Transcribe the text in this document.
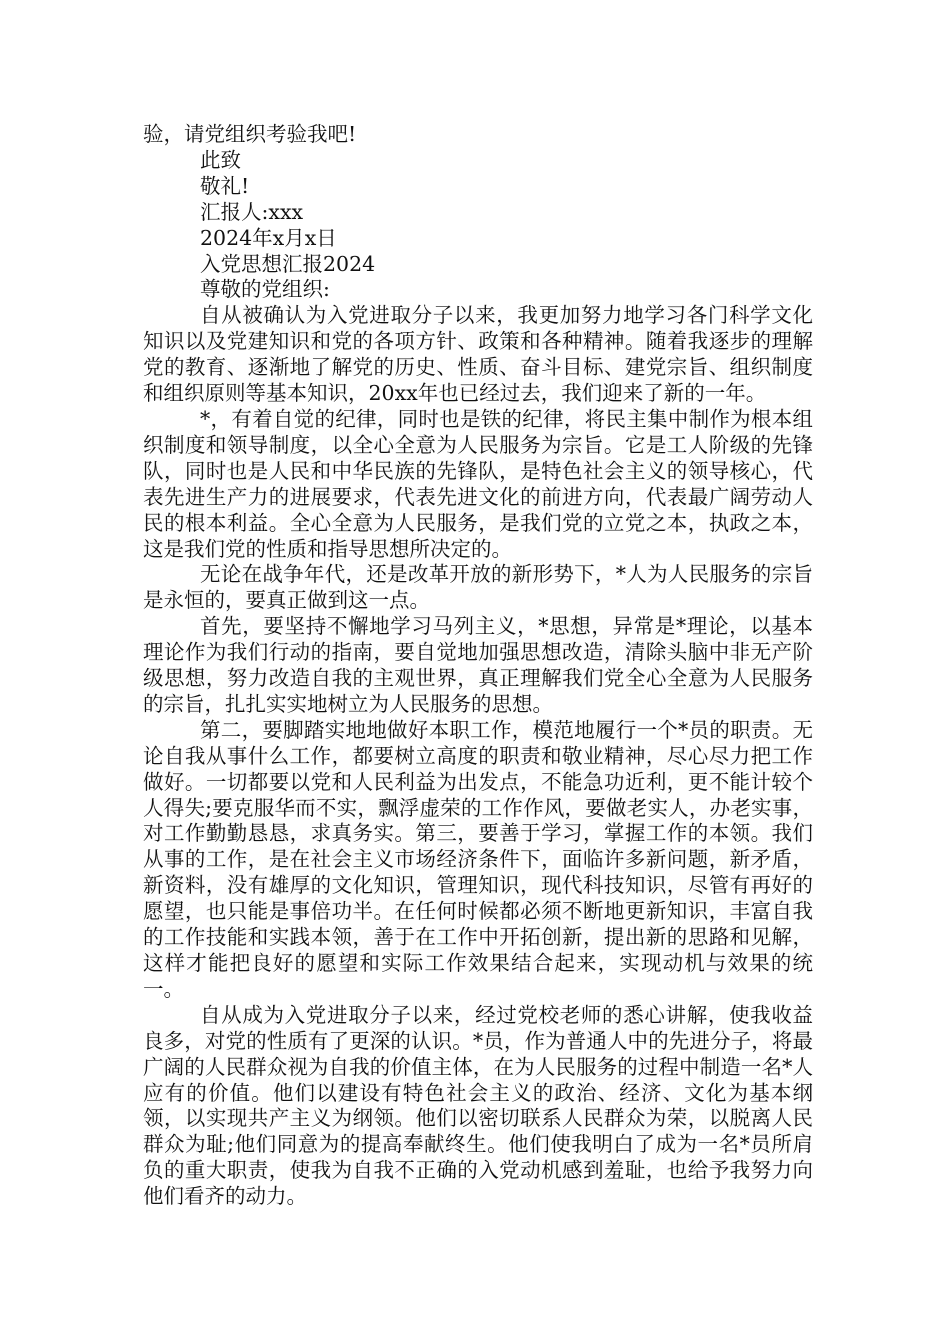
验，请党组织考验我吧!

此致

敬礼!

汇报人:xxx

2024年x月x日

入党思想汇报2024

尊敬的党组织:

自从被确认为入党进取分子以来，我更加努力地学习各门科学文化知识以及党建知识和党的各项方针、政策和各种精神。随着我逐步的理解党的教育、逐渐地了解党的历史、性质、奋斗目标、建党宗旨、组织制度和组织原则等基本知识，20xx年也已经过去，我们迎来了新的一年。

*，有着自觉的纪律，同时也是铁的纪律，将民主集中制作为根本组织制度和领导制度，以全心全意为人民服务为宗旨。它是工人阶级的先锋队，同时也是人民和中华民族的先锋队，是特色社会主义的领导核心，代表先进生产力的进展要求，代表先进文化的前进方向，代表最广阔劳动人民的根本利益。全心全意为人民服务，是我们党的立党之本，执政之本，这是我们党的性质和指导思想所决定的。

无论在战争年代，还是改革开放的新形势下，*人为人民服务的宗旨是永恒的，要真正做到这一点。

首先，要坚持不懈地学习马列主义，*思想，异常是*理论，以基本理论作为我们行动的指南，要自觉地加强思想改造，清除头脑中非无产阶级思想，努力改造自我的主观世界，真正理解我们党全心全意为人民服务的宗旨，扎扎实实地树立为人民服务的思想。

第二，要脚踏实地地做好本职工作，模范地履行一个*员的职责。无论自我从事什么工作，都要树立高度的职责和敬业精神，尽心尽力把工作做好。一切都要以党和人民利益为出发点，不能急功近利，更不能计较个人得失;要克服华而不实，飘浮虚荣的工作作风，要做老实人，办老实事，对工作勤勤恳恳，求真务实。第三，要善于学习，掌握工作的本领。我们从事的工作，是在社会主义市场经济条件下，面临许多新问题，新矛盾，新资料，没有雄厚的文化知识，管理知识，现代科技知识，尽管有再好的愿望，也只能是事倍功半。在任何时候都必须不断地更新知识，丰富自我的工作技能和实践本领，善于在工作中开拓创新，提出新的思路和见解，这样才能把良好的愿望和实际工作效果结合起来，实现动机与效果的统一。

自从成为入党进取分子以来，经过党校老师的悉心讲解，使我收益良多，对党的性质有了更深的认识。*员，作为普通人中的先进分子，将最广阔的人民群众视为自我的价值主体，在为人民服务的过程中制造一名*人应有的价值。他们以建设有特色社会主义的政治、经济、文化为基本纲领，以实现共产主义为纲领。他们以密切联系人民群众为荣，以脱离人民群众为耻;他们同意为的提高奉献终生。他们使我明白了成为一名*员所肩负的重大职责，使我为自我不正确的入党动机感到羞耻，也给予我努力向他们看齐的动力。
